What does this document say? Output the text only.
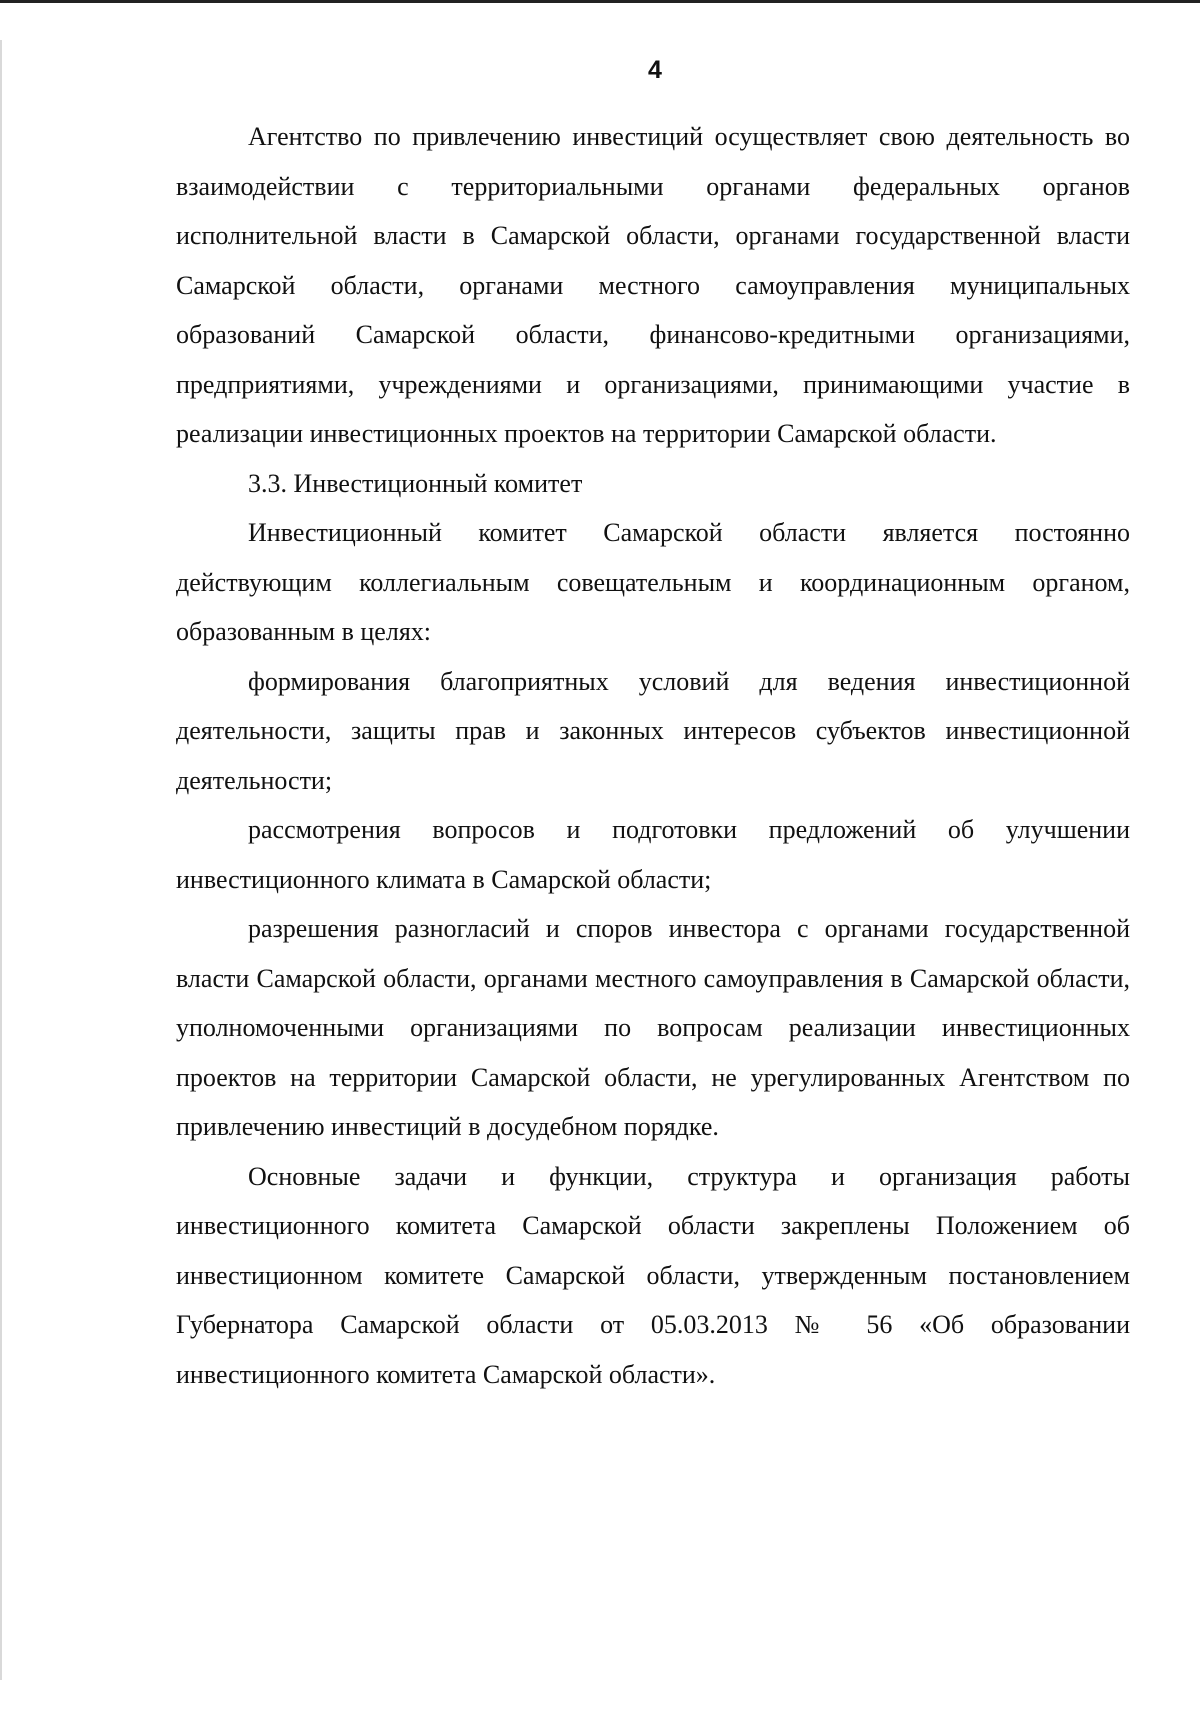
4

Агентство по привлечению инвестиций осуществляет свою деятельность во взаимодействии с территориальными органами федеральных органов исполнительной власти в Самарской области, органами государственной власти Самарской области, органами местного самоуправления муниципальных образований Самарской области, финансово-кредитными организациями, предприятиями, учреждениями и организациями, принимающими участие в реализации инвестиционных проектов на территории Самарской области.

3.3. Инвестиционный комитет

Инвестиционный комитет Самарской области является постоянно действующим коллегиальным совещательным и координационным органом, образованным в целях:

формирования благоприятных условий для ведения инвестиционной деятельности, защиты прав и законных интересов субъектов инвестиционной деятельности;

рассмотрения вопросов и подготовки предложений об улучшении инвестиционного климата в Самарской области;

разрешения разногласий и споров инвестора с органами государственной власти Самарской области, органами местного самоуправления в Самарской области, уполномоченными организациями по вопросам реализации инвестиционных проектов на территории Самарской области, не урегулированных Агентством по привлечению инвестиций в досудебном порядке.

Основные задачи и функции, структура и организация работы инвестиционного комитета Самарской области закреплены Положением об инвестиционном комитете Самарской области, утвержденным постановлением Губернатора Самарской области от 05.03.2013 № 56 «Об образовании инвестиционного комитета Самарской области».
